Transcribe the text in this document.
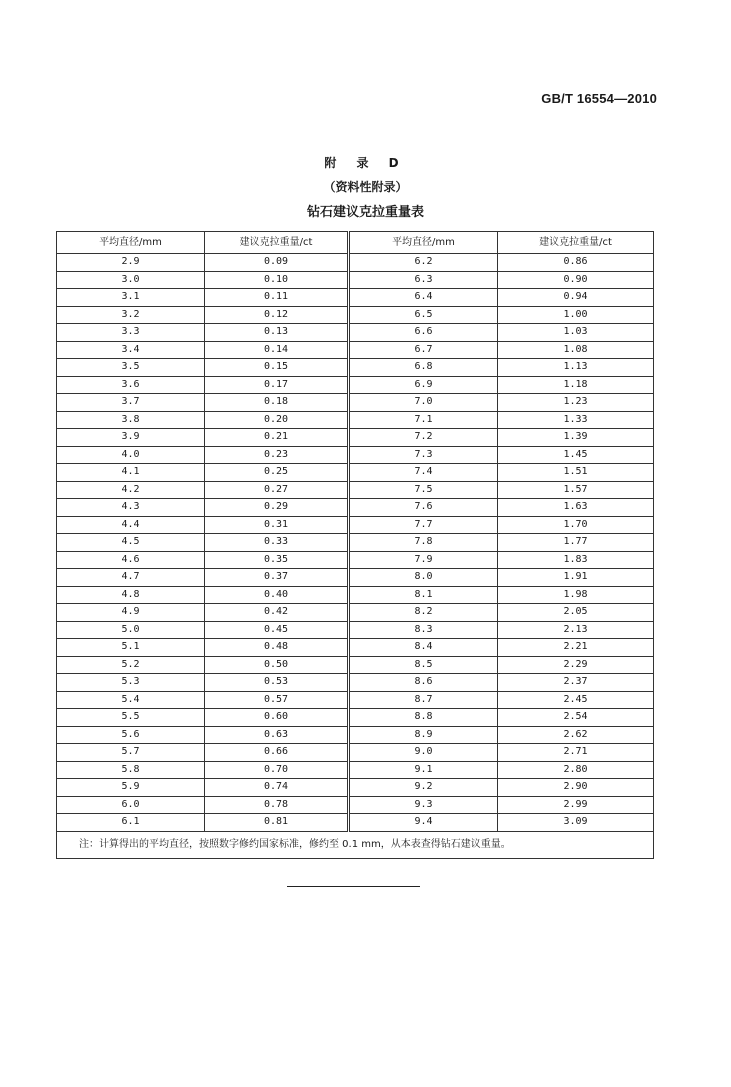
GB/T 16554—2010
附 录 D
（资料性附录）
钻石建议克拉重量表
平均直径/mm	建议克拉重量/ct	平均直径/mm	建议克拉重量/ct
2.9	0.09	6.2	0.86
3.0	0.10	6.3	0.90
3.1	0.11	6.4	0.94
3.2	0.12	6.5	1.00
3.3	0.13	6.6	1.03
3.4	0.14	6.7	1.08
3.5	0.15	6.8	1.13
3.6	0.17	6.9	1.18
3.7	0.18	7.0	1.23
3.8	0.20	7.1	1.33
3.9	0.21	7.2	1.39
4.0	0.23	7.3	1.45
4.1	0.25	7.4	1.51
4.2	0.27	7.5	1.57
4.3	0.29	7.6	1.63
4.4	0.31	7.7	1.70
4.5	0.33	7.8	1.77
4.6	0.35	7.9	1.83
4.7	0.37	8.0	1.91
4.8	0.40	8.1	1.98
4.9	0.42	8.2	2.05
5.0	0.45	8.3	2.13
5.1	0.48	8.4	2.21
5.2	0.50	8.5	2.29
5.3	0.53	8.6	2.37
5.4	0.57	8.7	2.45
5.5	0.60	8.8	2.54
5.6	0.63	8.9	2.62
5.7	0.66	9.0	2.71
5.8	0.70	9.1	2.80
5.9	0.74	9.2	2.90
6.0	0.78	9.3	2.99
6.1	0.81	9.4	3.09
注：计算得出的平均直径，按照数字修约国家标准，修约至 0.1 mm，从本表查得钻石建议重量。			
